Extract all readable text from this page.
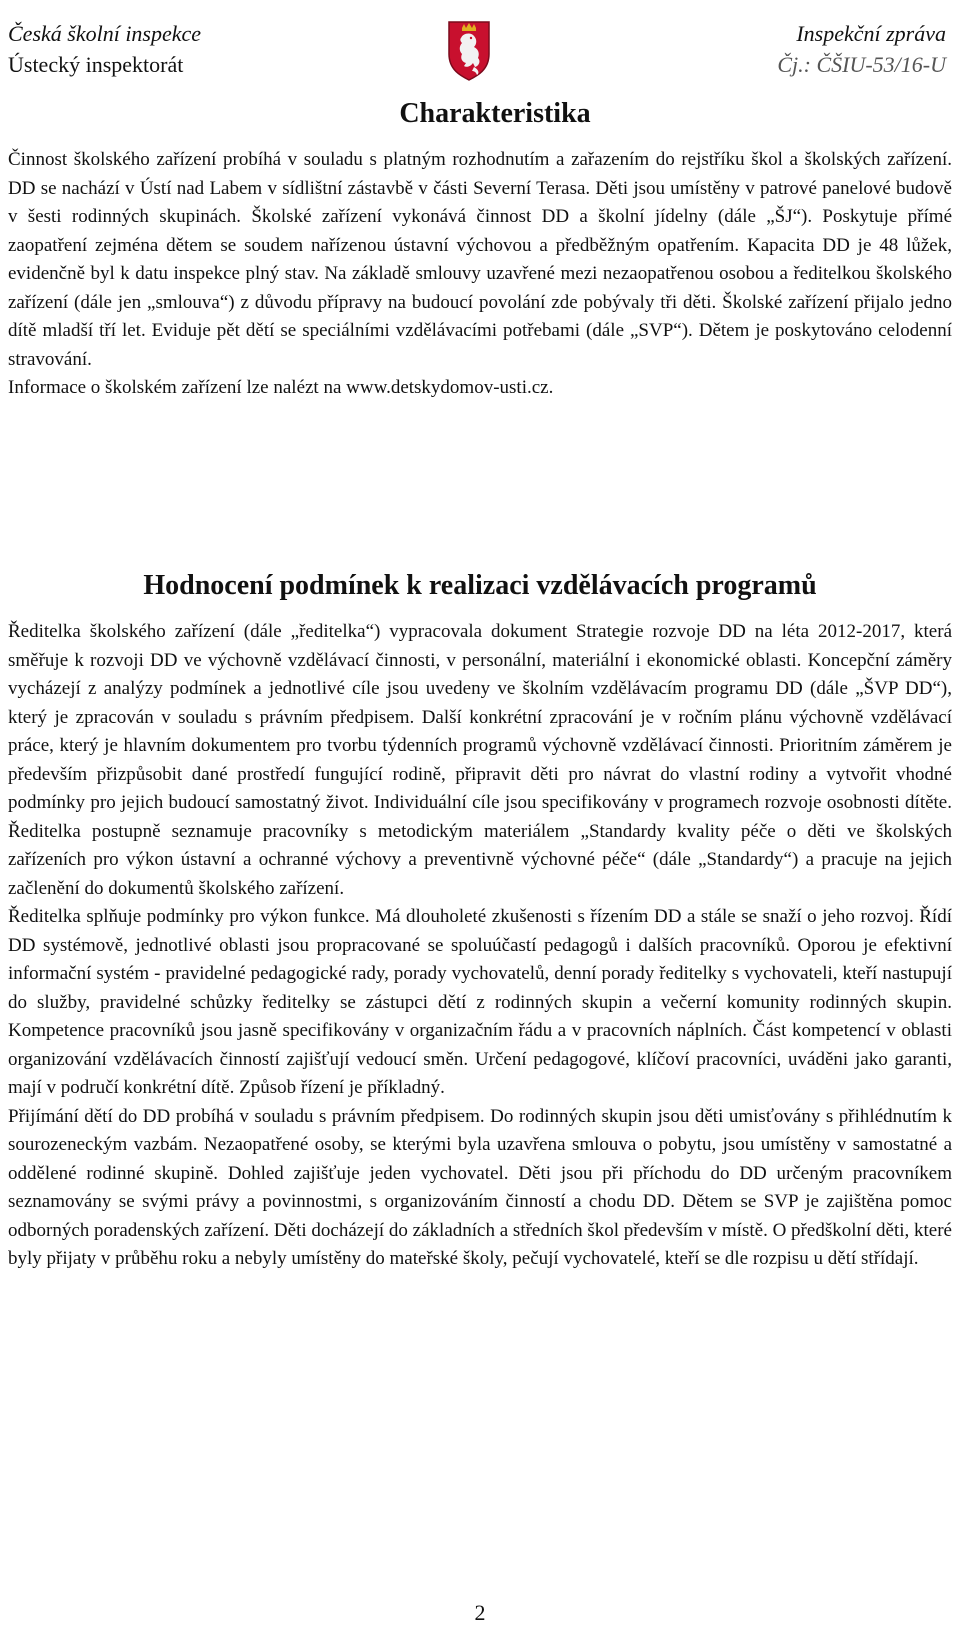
Česká školní inspekce
Ústecký inspektorát
Inspekční zpráva
Čj.: ČŠIU-53/16-U
Charakteristika

Činnost školského zařízení probíhá v souladu s platným rozhodnutím a zařazením do rejstříku škol a školských zařízení. DD se nachází v Ústí nad Labem v sídlištní zástavbě v části Severní Terasa. Děti jsou umístěny v patrové panelové budově v šesti rodinných skupinách. Školské zařízení vykonává činnost DD a školní jídelny (dále „ŠJ“). Poskytuje přímé zaopatření zejména dětem se soudem nařízenou ústavní výchovou a předběžným opatřením. Kapacita DD je 48 lůžek, evidenčně byl k datu inspekce plný stav. Na základě smlouvy uzavřené mezi nezaopatřenou osobou a ředitelkou školského zařízení (dále jen „smlouva“) z důvodu přípravy na budoucí povolání zde pobývaly tři děti. Školské zařízení přijalo jedno dítě mladší tří let. Eviduje pět dětí se speciálními vzdělávacími potřebami (dále „SVP“). Dětem je poskytováno celodenní stravování.

Informace o školském zařízení lze nalézt na www.detskydomov-usti.cz.

Hodnocení podmínek k realizaci vzdělávacích programů

Ředitelka školského zařízení (dále „ředitelka“) vypracovala dokument Strategie rozvoje DD na léta 2012-2017, která směřuje k rozvoji DD ve výchovně vzdělávací činnosti, v personální, materiální i ekonomické oblasti. Koncepční záměry vycházejí z analýzy podmínek a jednotlivé cíle jsou uvedeny ve školním vzdělávacím programu DD (dále „ŠVP DD“), který je zpracován v souladu s právním předpisem. Další konkrétní zpracování je v ročním plánu výchovně vzdělávací práce, který je hlavním dokumentem pro tvorbu týdenních programů výchovně vzdělávací činnosti. Prioritním záměrem je především přizpůsobit dané prostředí fungující rodině, připravit děti pro návrat do vlastní rodiny a vytvořit vhodné podmínky pro jejich budoucí samostatný život. Individuální cíle jsou specifikovány v programech rozvoje osobnosti dítěte. Ředitelka postupně seznamuje pracovníky s metodickým materiálem „Standardy kvality péče o děti ve školských zařízeních pro výkon ústavní a ochranné výchovy a preventivně výchovné péče“ (dále „Standardy“) a pracuje na jejich začlenění do dokumentů školského zařízení.

Ředitelka splňuje podmínky pro výkon funkce. Má dlouholeté zkušenosti s řízením DD a stále se snaží o jeho rozvoj. Řídí DD systémově, jednotlivé oblasti jsou propracované se spoluúčastí pedagogů i dalších pracovníků. Oporou je efektivní informační systém - pravidelné pedagogické rady, porady vychovatelů, denní porady ředitelky s vychovateli, kteří nastupují do služby, pravidelné schůzky ředitelky se zástupci dětí z rodinných skupin a večerní komunity rodinných skupin. Kompetence pracovníků jsou jasně specifikovány v organizačním řádu a v pracovních náplních. Část kompetencí v oblasti organizování vzdělávacích činností zajišťují vedoucí směn. Určení pedagogové, klíčoví pracovníci, uváděni jako garanti, mají v područí konkrétní dítě. Způsob řízení je příkladný.

Přijímání dětí do DD probíhá v souladu s právním předpisem. Do rodinných skupin jsou děti umisťovány s přihlédnutím k sourozeneckým vazbám. Nezaopatřené osoby, se kterými byla uzavřena smlouva o pobytu, jsou umístěny v samostatné a oddělené rodinné skupině. Dohled zajišťuje jeden vychovatel. Děti jsou při příchodu do DD určeným pracovníkem seznamovány se svými právy a povinnostmi, s organizováním činností a chodu DD. Dětem se SVP je zajištěna pomoc odborných poradenských zařízení. Děti docházejí do základních a středních škol především v místě. O předškolní děti, které byly přijaty v průběhu roku a nebyly umístěny do mateřské školy, pečují vychovatelé, kteří se dle rozpisu u dětí střídají.

2
